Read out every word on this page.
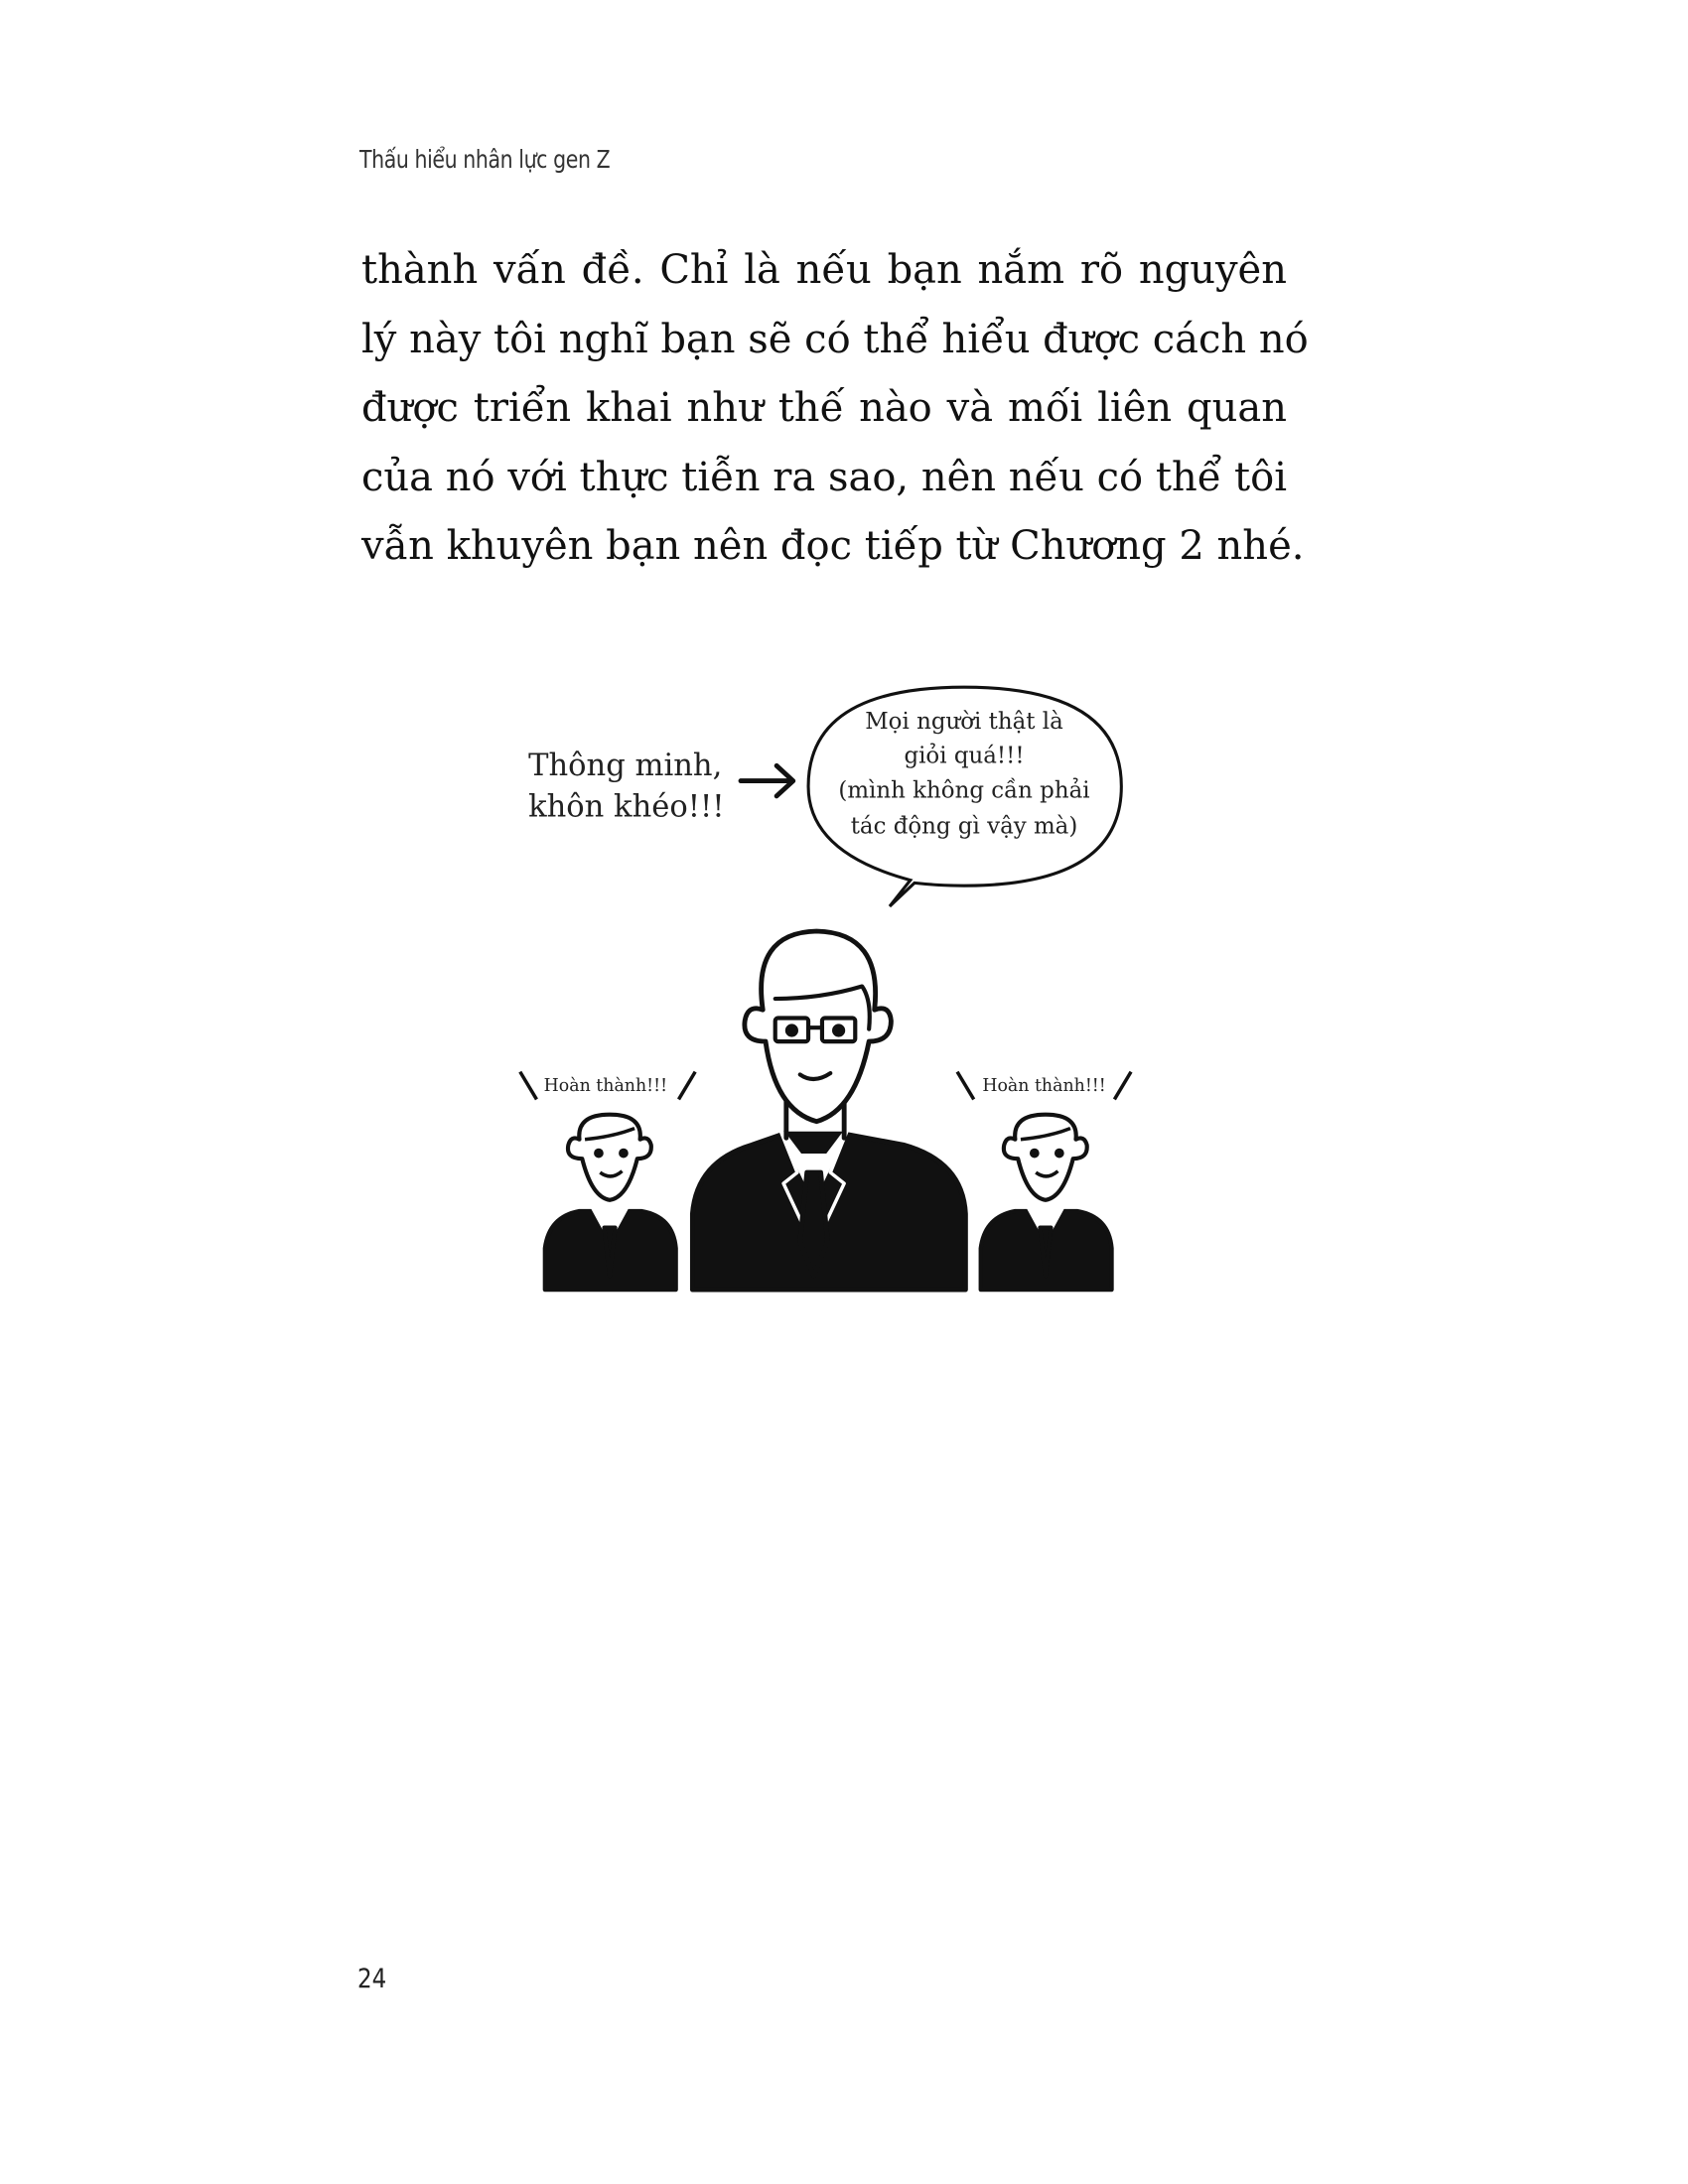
Thấu hiểu nhân lực gen Z
thành vấn đề. Chỉ là nếu bạn nắm rõ nguyên
lý này tôi nghĩ bạn sẽ có thể hiểu được cách nó
được triển khai như thế nào và mối liên quan
của nó với thực tiễn ra sao, nên nếu có thể tôi
vẫn khuyên bạn nên đọc tiếp từ Chương 2 nhé.
Thông minh,
khôn khéo!!!
Mọi người thật là
giỏi quá!!!
(mình không cần phải
tác động gì vậy mà)
Hoàn thành!!!	Hoàn thành!!!
24
